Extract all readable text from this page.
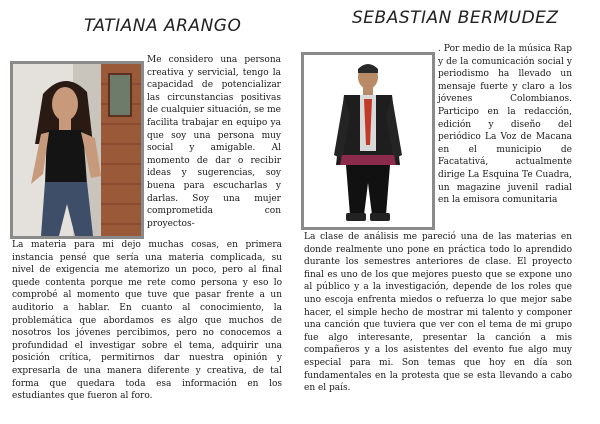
TATIANA ARANGO	SEBASTIAN BERMUDEZ

Me considero una persona creativa y servicial, tengo la capacidad de potencializar las circunstancias positivas de cualquier situación, se me facilita trabajar en equipo ya que soy una persona muy social y amigable. Al momento de dar o recibir ideas y sugerencias, soy buena para escucharlas y darlas. Soy una mujer comprometida con proyectos-

La materia para mi dejo muchas cosas, en primera instancia pensé que sería una materia complicada, su nivel de exigencia me atemorizo un poco, pero al final quede contenta porque me rete como persona y eso lo comprobé al momento que tuve que pasar frente a un auditorio a hablar. En cuanto al conocimiento, la problemática que abordamos es algo que muchos de nosotros los jóvenes percibimos, pero no conocemos a profundidad el investigar sobre el tema, adquirir una posición crítica, permitirnos dar nuestra opinión y expresarla de una manera diferente y creativa, de tal forma que quedara toda esa información en los estudiantes que fueron al foro.

. Por medio de la música Rap y de la comunicación social y periodismo ha llevado un mensaje fuerte y claro a los jóvenes Colombianos. Participo en la redacción, edición y diseño del periódico La Voz de Macana en el municipio de Facatativá, actualmente dirige La Esquina Te Cuadra, un magazine juvenil radial en la emisora comunitaria

La clase de análisis me pareció una de las materias en donde realmente uno pone en práctica todo lo aprendido durante los semestres anteriores de clase. El proyecto final es uno de los que mejores puesto que se expone uno al público y a la investigación, depende de los roles que uno escoja enfrenta miedos o refuerza lo que mejor sabe hacer, el simple hecho de mostrar mi talento y componer una canción que tuviera que ver con el tema de mi grupo fue algo interesante, presentar la canción a mis compañeros y a los asistentes del evento fue algo muy especial para mi. Son temas que hoy en día son fundamentales en la protesta que se esta llevando a cabo en el país.
